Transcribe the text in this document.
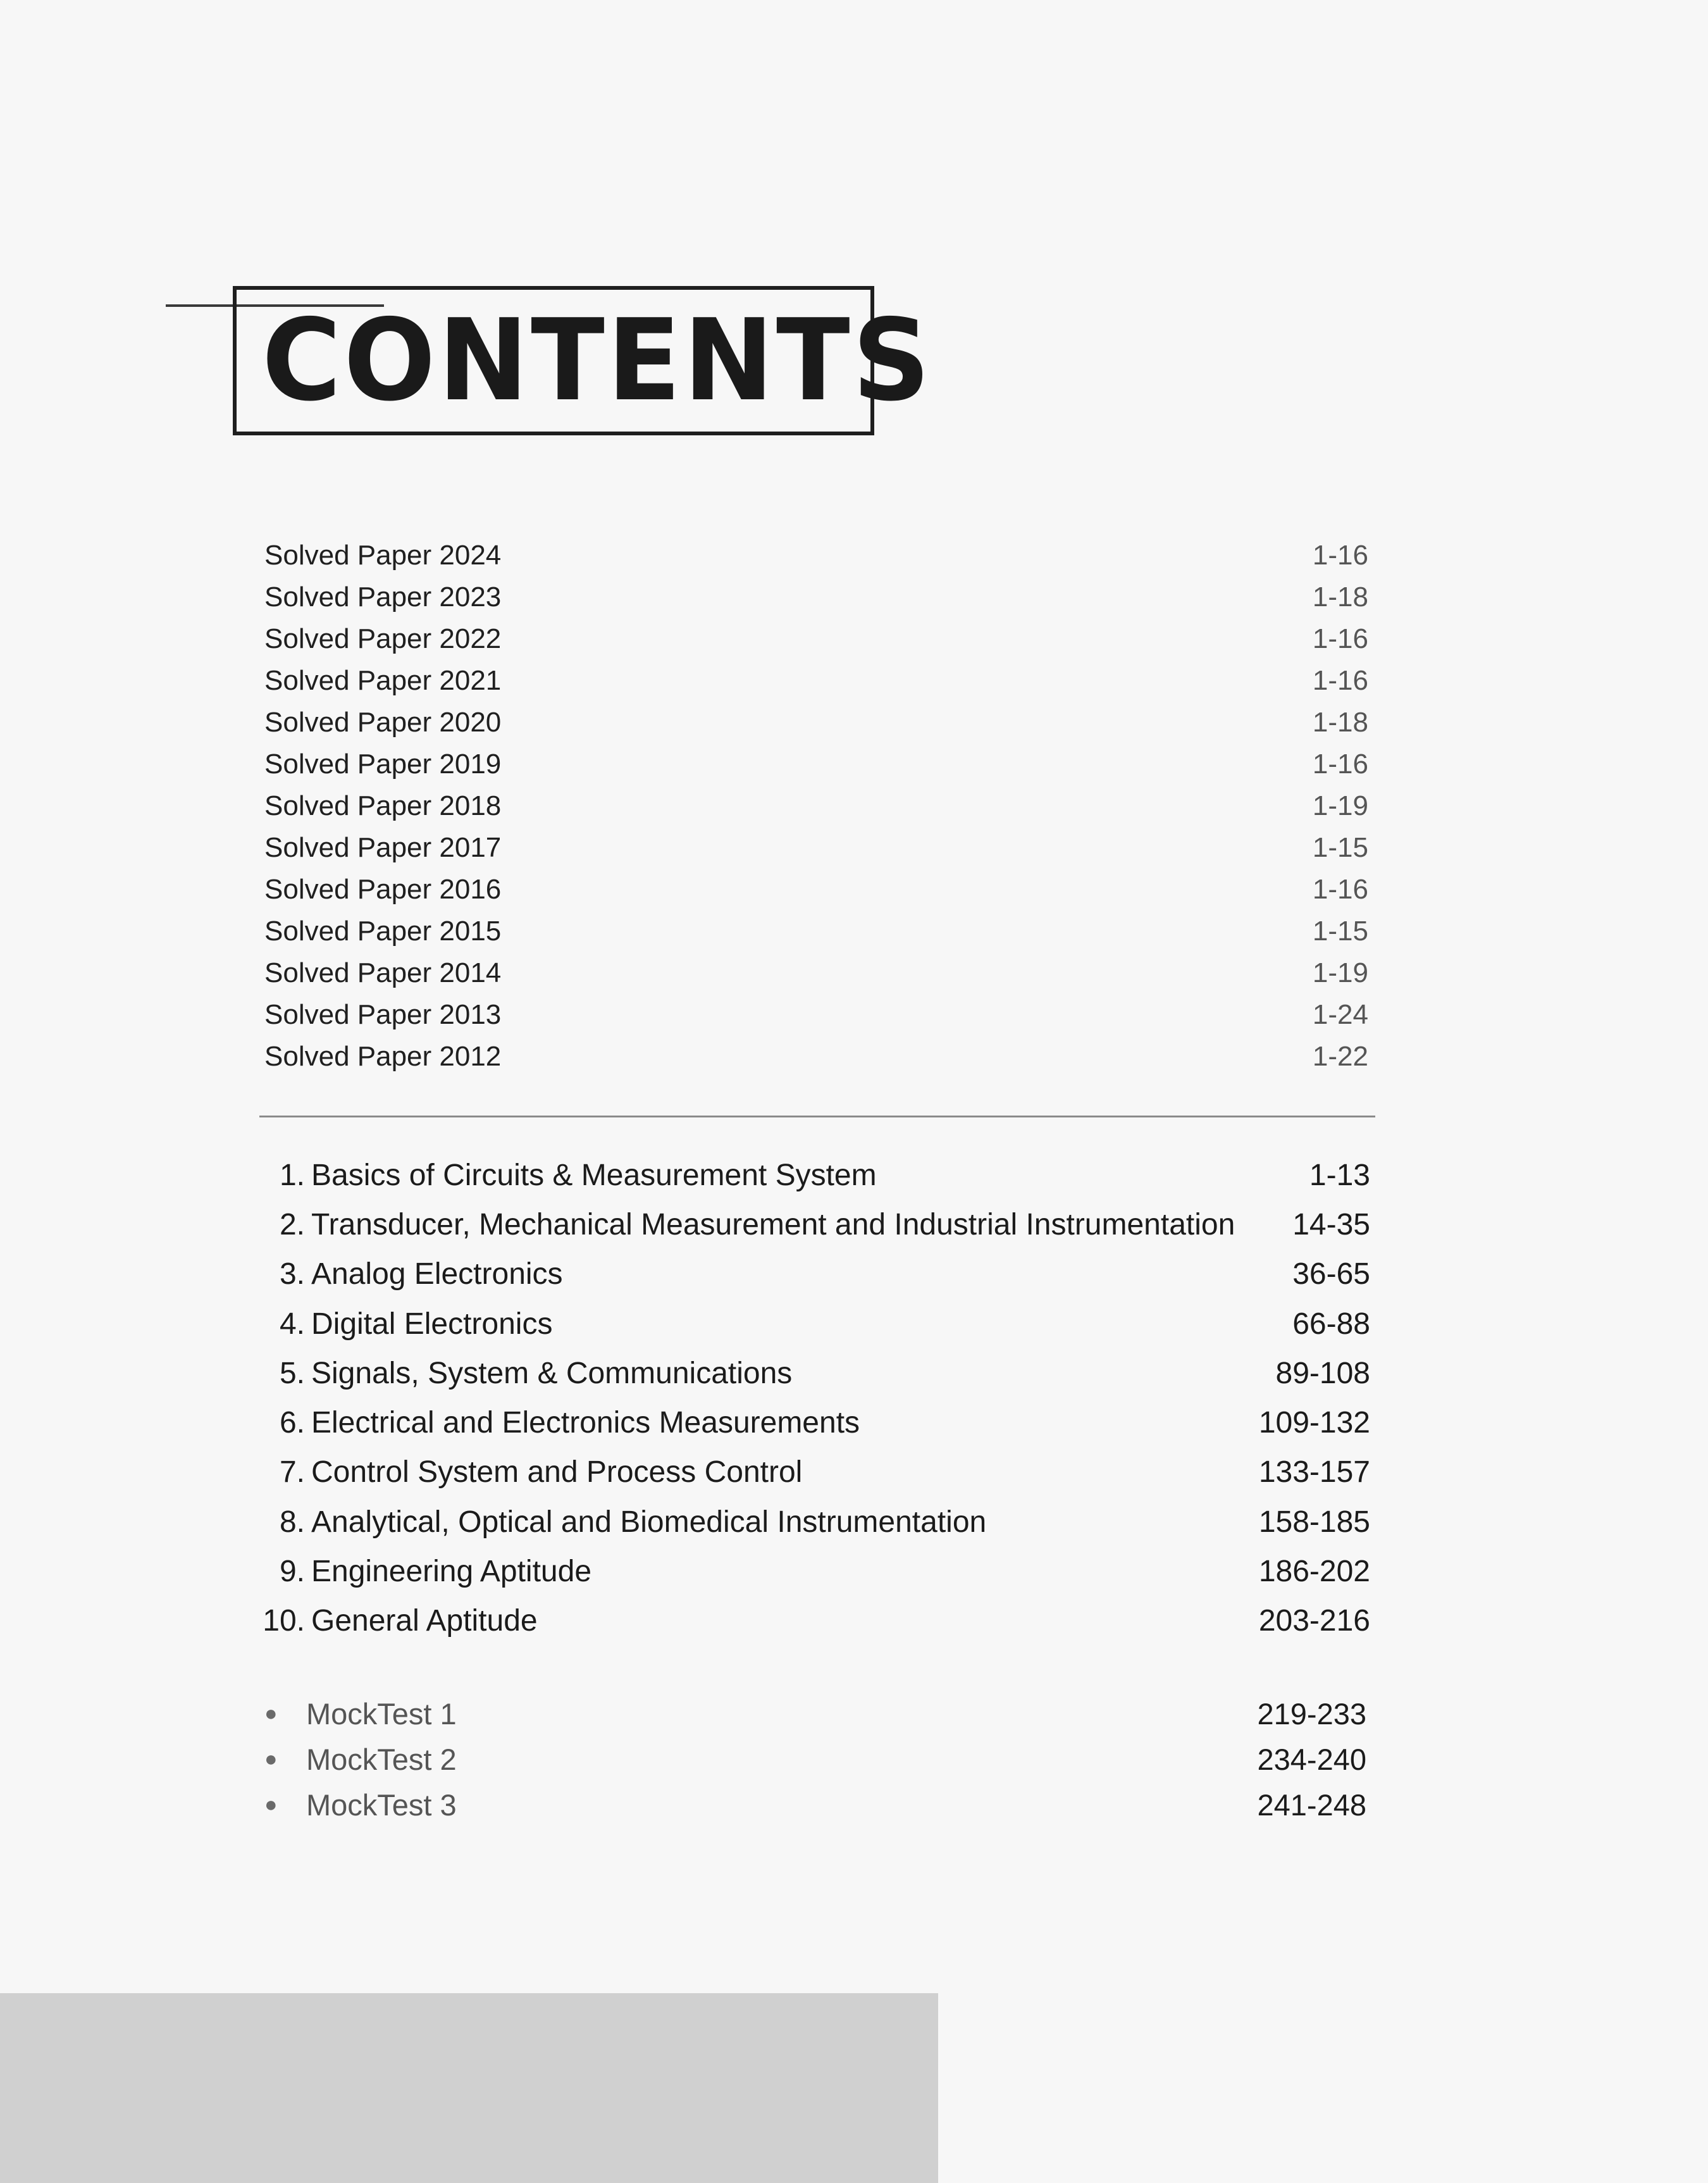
CONTENTS
Solved Paper 2024	1-16
Solved Paper 2023	1-18
Solved Paper 2022	1-16
Solved Paper 2021	1-16
Solved Paper 2020	1-18
Solved Paper 2019	1-16
Solved Paper 2018	1-19
Solved Paper 2017	1-15
Solved Paper 2016	1-16
Solved Paper 2015	1-15
Solved Paper 2014	1-19
Solved Paper 2013	1-24
Solved Paper 2012	1-22
1. Basics of Circuits & Measurement System	1-13
2. Transducer, Mechanical Measurement and Industrial Instrumentation	14-35
3. Analog Electronics	36-65
4. Digital Electronics	66-88
5. Signals, System & Communications	89-108
6. Electrical and Electronics Measurements	109-132
7. Control System and Process Control	133-157
8. Analytical, Optical and Biomedical Instrumentation	158-185
9. Engineering Aptitude	186-202
10. General Aptitude	203-216
● MockTest 1	219-233
● MockTest 2	234-240
● MockTest 3	241-248
